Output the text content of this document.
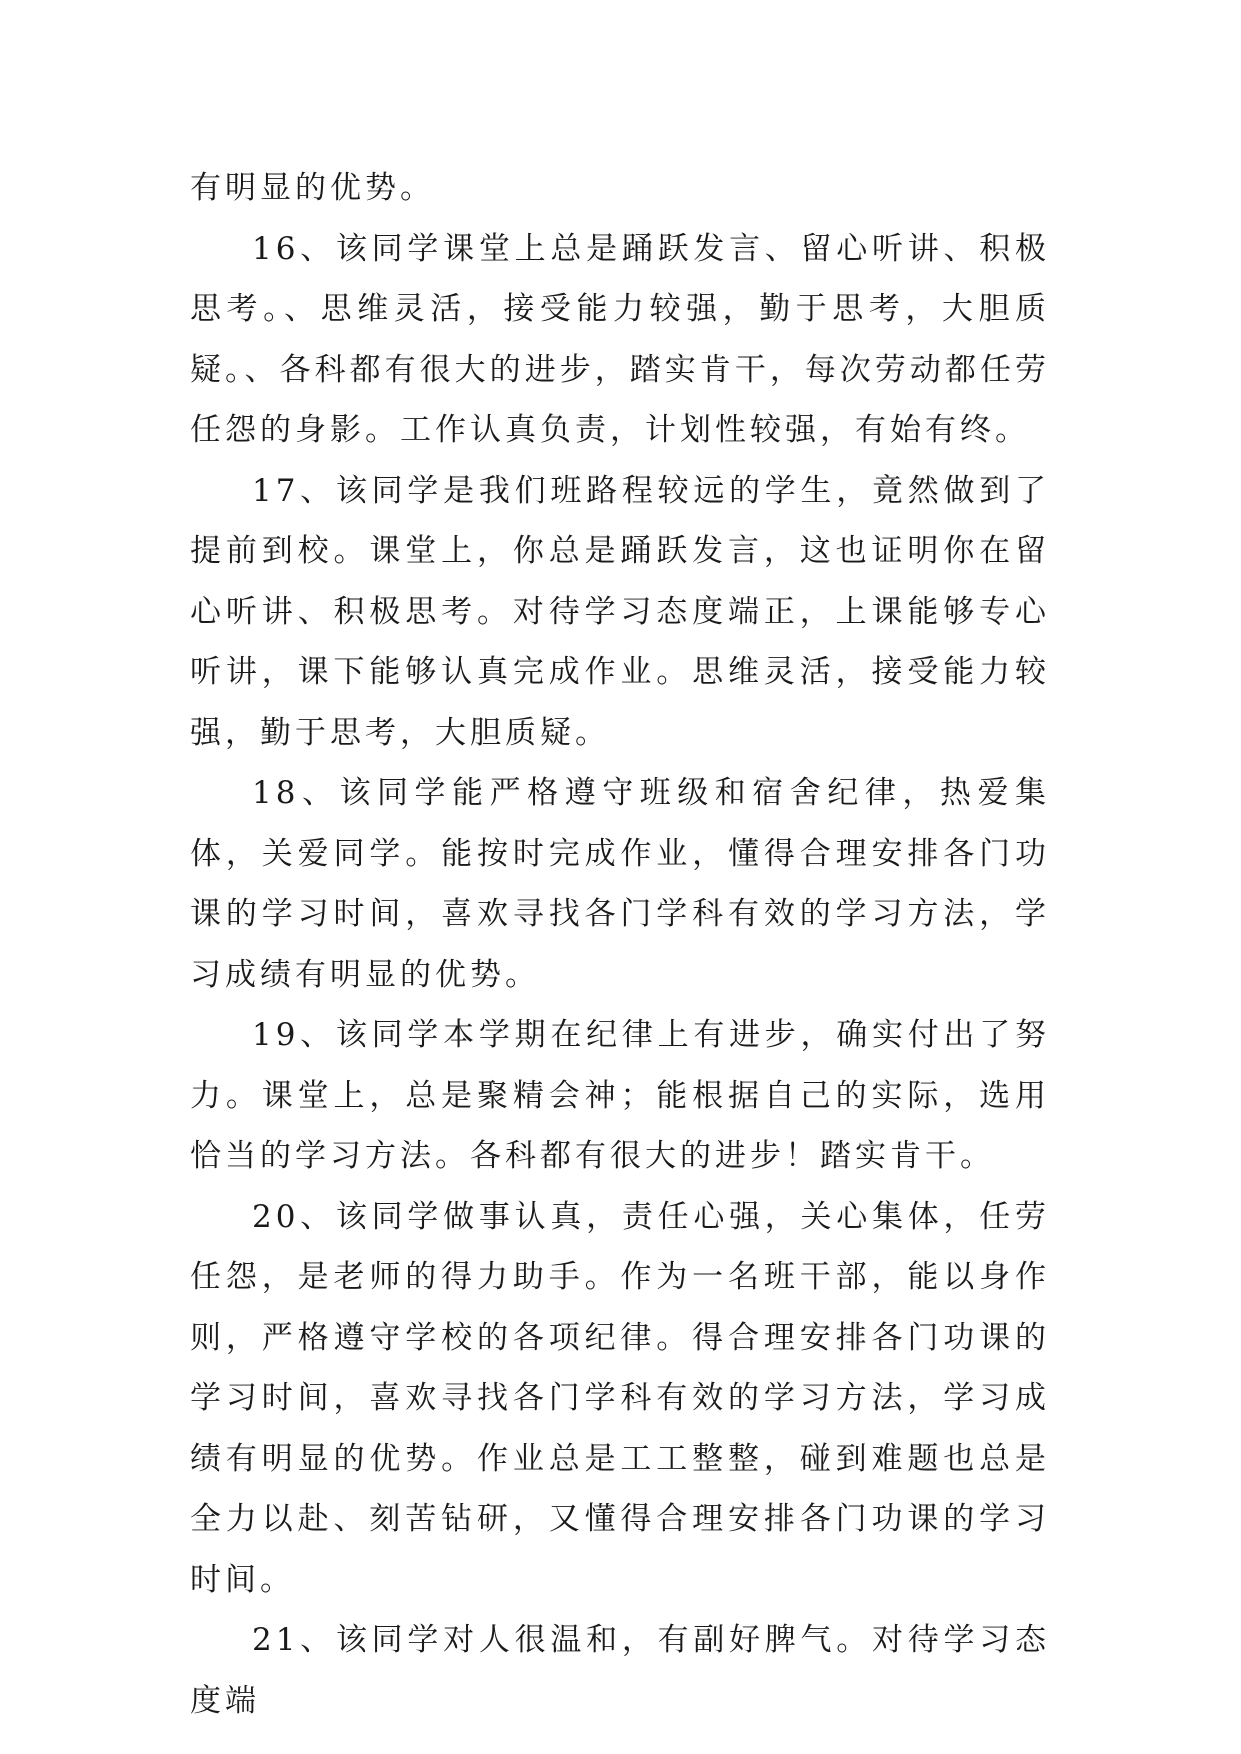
有明显的优势。

16、该同学课堂上总是踊跃发言、留心听讲、积极思考。、思维灵活，接受能力较强，勤于思考，大胆质疑。、各科都有很大的进步，踏实肯干，每次劳动都任劳任怨的身影。工作认真负责，计划性较强，有始有终。

17、该同学是我们班路程较远的学生，竟然做到了提前到校。课堂上，你总是踊跃发言，这也证明你在留心听讲、积极思考。对待学习态度端正，上课能够专心听讲，课下能够认真完成作业。思维灵活，接受能力较强，勤于思考，大胆质疑。

18、该同学能严格遵守班级和宿舍纪律，热爱集体，关爱同学。能按时完成作业，懂得合理安排各门功课的学习时间，喜欢寻找各门学科有效的学习方法，学习成绩有明显的优势。

19、该同学本学期在纪律上有进步，确实付出了努力。课堂上，总是聚精会神；能根据自己的实际，选用恰当的学习方法。各科都有很大的进步！踏实肯干。

20、该同学做事认真，责任心强，关心集体，任劳任怨，是老师的得力助手。作为一名班干部，能以身作则，严格遵守学校的各项纪律。得合理安排各门功课的学习时间，喜欢寻找各门学科有效的学习方法，学习成绩有明显的优势。作业总是工工整整，碰到难题也总是全力以赴、刻苦钻研，又懂得合理安排各门功课的学习时间。

21、该同学对人很温和，有副好脾气。对待学习态度端
